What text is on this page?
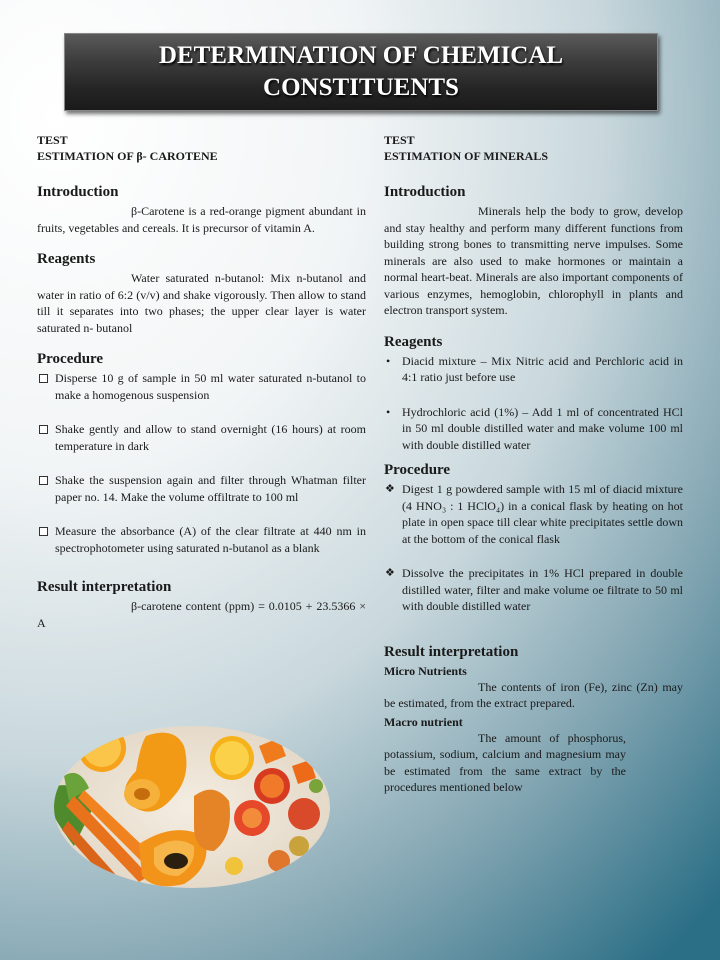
DETERMINATION OF CHEMICAL CONSTITUENTS
TEST
ESTIMATION OF β- CAROTENE
Introduction

β-Carotene is a red-orange pigment abundant in fruits, vegetables and cereals. It is precursor of vitamin A.

Reagents

Water saturated n-butanol: Mix n-butanol and water in ratio of 6:2 (v/v) and shake vigorously. Then allow to stand till it separates into two phases; the upper clear layer is water saturated n- butanol

Procedure
Disperse 10 g of sample in 50 ml water saturated n-butanol to make a homogenous suspension
Shake gently and allow to stand overnight (16 hours) at room temperature in dark
Shake the suspension again and filter through Whatman filter paper no. 14. Make the volume offiltrate to 100 ml
Measure the absorbance (A) of the clear filtrate at 440 nm in spectrophotometer using saturated n-butanol as a blank
Result interpretation

β-carotene content (ppm) = 0.0105 + 23.5366 × A

TEST
ESTIMATION OF MINERALS
Introduction

Minerals help the body to grow, develop and stay healthy and perform many different functions from building strong bones to transmitting nerve impulses. Some minerals are also used to make hormones or maintain a normal heart-beat. Minerals are also important components of various enzymes, hemoglobin, chlorophyll in plants and electron transport system.

Reagents
• Diacid mixture – Mix Nitric acid and Perchloric acid in 4:1 ratio just before use
• Hydrochloric acid (1%) – Add 1 ml of concentrated HCl in 50 ml double distilled water and make volume 100 ml with double distilled water
Procedure
❖ Digest 1 g powdered sample with 15 ml of diacid mixture (4 HNO₃ : 1 HClO₄) in a conical flask by heating on hot plate in open space till clear white precipitates settle down at the bottom of the conical flask
❖ Dissolve the precipitates in 1% HCl prepared in double distilled water, filter and make volume oe filtrate to 50 ml with double distilled water
Result interpretation
Micro Nutrients

The contents of iron (Fe), zinc (Zn) may be estimated, from the extract prepared.

Macro nutrient

The amount of phosphorus, potassium, sodium, calcium and magnesium may be estimated from the same extract by the procedures mentioned below
